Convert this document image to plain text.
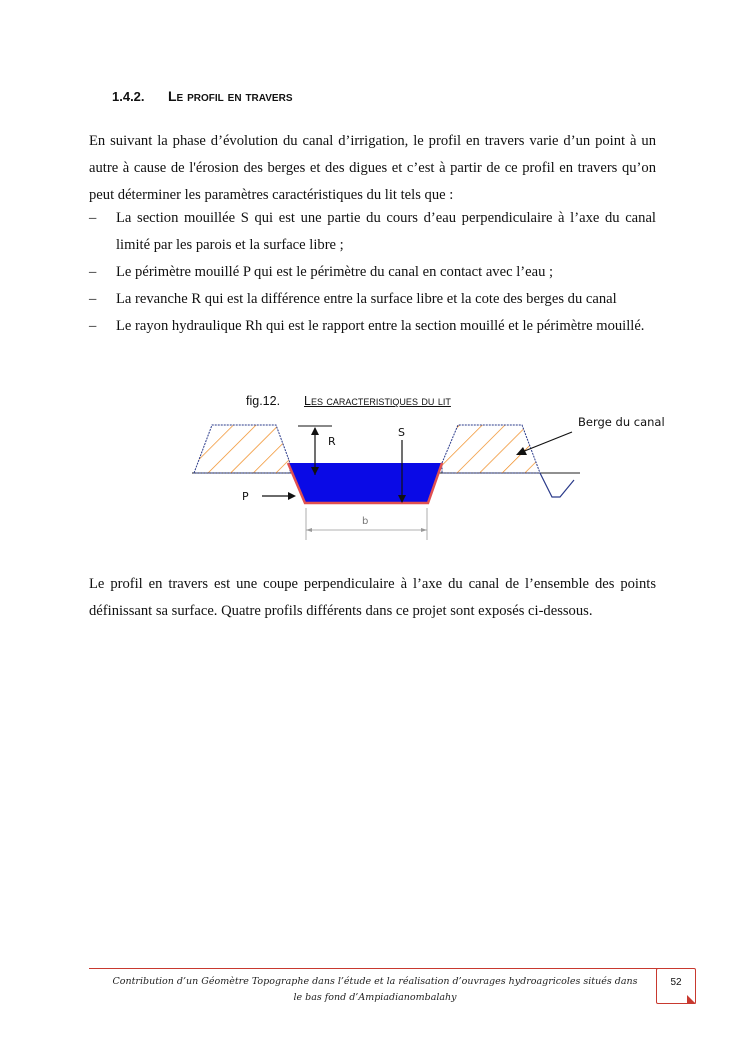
1.4.2. Le profil en travers
En suivant la phase d’évolution du canal d’irrigation, le profil en travers varie d’un point à un autre à cause de l'érosion des berges et des digues et c’est à partir de ce profil en travers qu’on peut déterminer les paramètres caractéristiques du lit tels que :
–	La section mouillée S qui est une partie du cours d’eau perpendiculaire à l’axe du canal limité par les parois et la surface libre ;
–	Le périmètre mouillé P qui est le périmètre du canal en contact avec l’eau ;
–	La revanche R qui est la différence entre la surface libre et la cote des berges du canal
–	Le rayon hydraulique Rh qui est le rapport entre la section mouillé et le périmètre mouillé.
fig.12. Les caracteristiques du lit
R
S
P
b
Berge du canal
Le profil en travers est une coupe perpendiculaire à l’axe du canal de l’ensemble des points définissant sa surface. Quatre profils différents dans ce projet sont exposés ci-dessous.
Contribution d’un Géomètre Topographe dans l’étude et la réalisation d’ouvrages hydroagricoles situés dans le bas fond d’Ampiadianombalahy
52
